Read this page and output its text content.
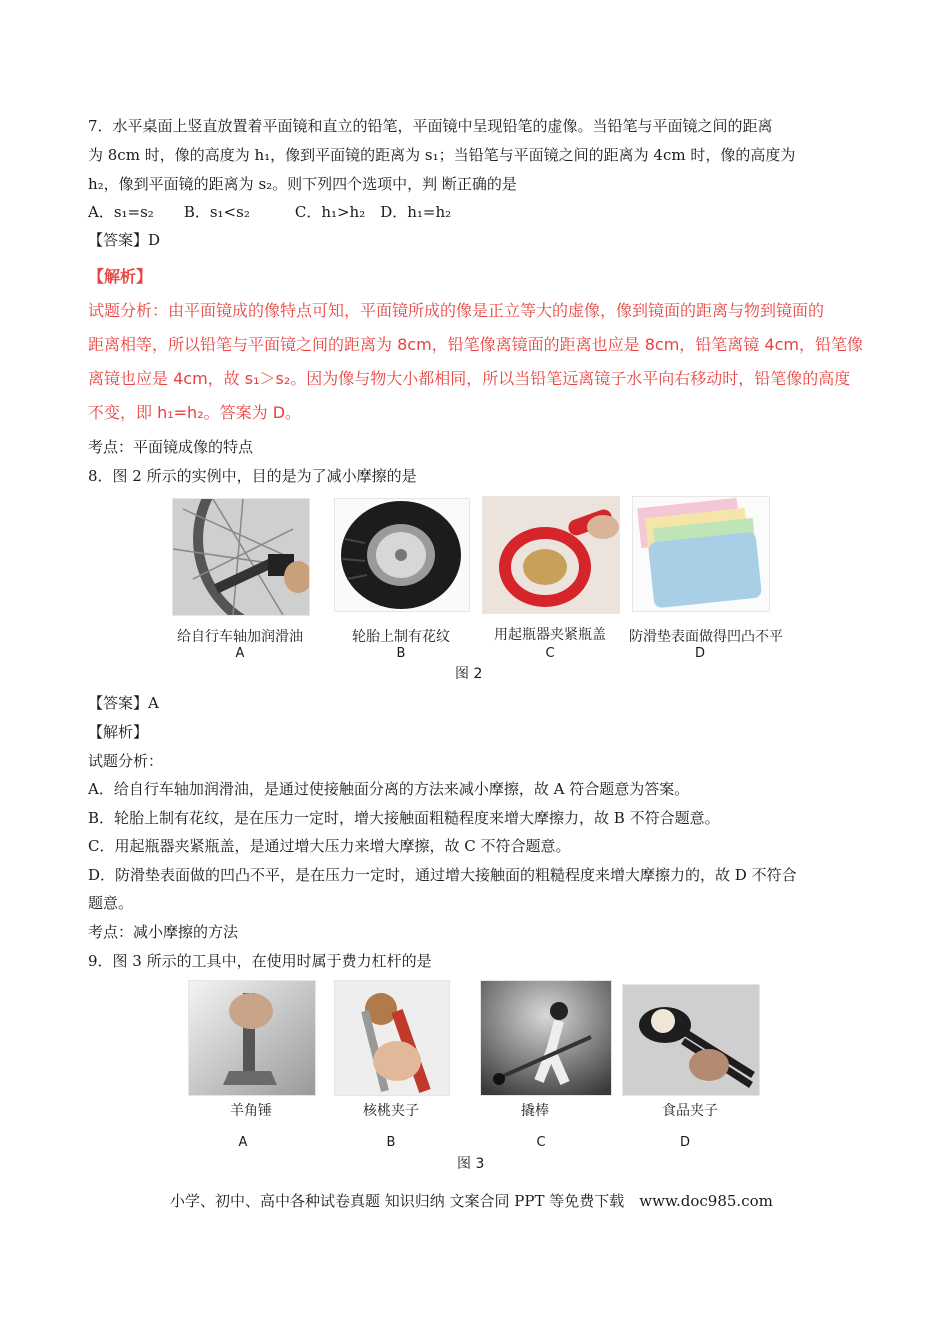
7．水平桌面上竖直放置着平面镜和直立的铅笔，平面镜中呈现铅笔的虚像。当铅笔与平面镜之间的距离
为 8cm 时，像的高度为 h₁，像到平面镜的距离为 s₁；当铅笔与平面镜之间的距离为 4cm 时，像的高度为
h₂，像到平面镜的距离为 s₂。则下列四个选项中，判 断正确的是
A．s₁=s₂　　B．s₁<s₂　　　C．h₁>h₂　D．h₁=h₂
【答案】D
【解析】
试题分析：由平面镜成的像特点可知，平面镜所成的像是正立等大的虚像，像到镜面的距离与物到镜面的
距离相等，所以铅笔与平面镜之间的距离为 8cm，铅笔像离镜面的距离也应是 8cm，铅笔离镜 4cm，铅笔像
离镜也应是 4cm，故 s₁＞s₂。因为像与物大小都相同，所以当铅笔远离镜子水平向右移动时，铅笔像的高度
不变，即 h₁=h₂。答案为 D。
考点：平面镜成像的特点
8．图 2 所示的实例中，目的是为了减小摩擦的是
给自行车轴加润滑油	轮胎上制有花纹	用起瓶器夹紧瓶盖	防滑垫表面做得凹凸不平
A	B	C	D
图 2
【答案】A
【解析】
试题分析：
A．给自行车轴加润滑油，是通过使接触面分离的方法来减小摩擦，故 A 符合题意为答案。
B．轮胎上制有花纹，是在压力一定时，增大接触面粗糙程度来增大摩擦力，故 B 不符合题意。
C．用起瓶器夹紧瓶盖，是通过增大压力来增大摩擦，故 C 不符合题意。
D．防滑垫表面做的凹凸不平，是在压力一定时，通过增大接触面的粗糙程度来增大摩擦力的，故 D 不符合
题意。
考点：减小摩擦的方法
9．图 3 所示的工具中，在使用时属于费力杠杆的是
羊角锤	核桃夹子	撬棒	食品夹子
A	B	C	D
图 3
小学、初中、高中各种试卷真题 知识归纳 文案合同 PPT 等免费下载　www.doc985.com
